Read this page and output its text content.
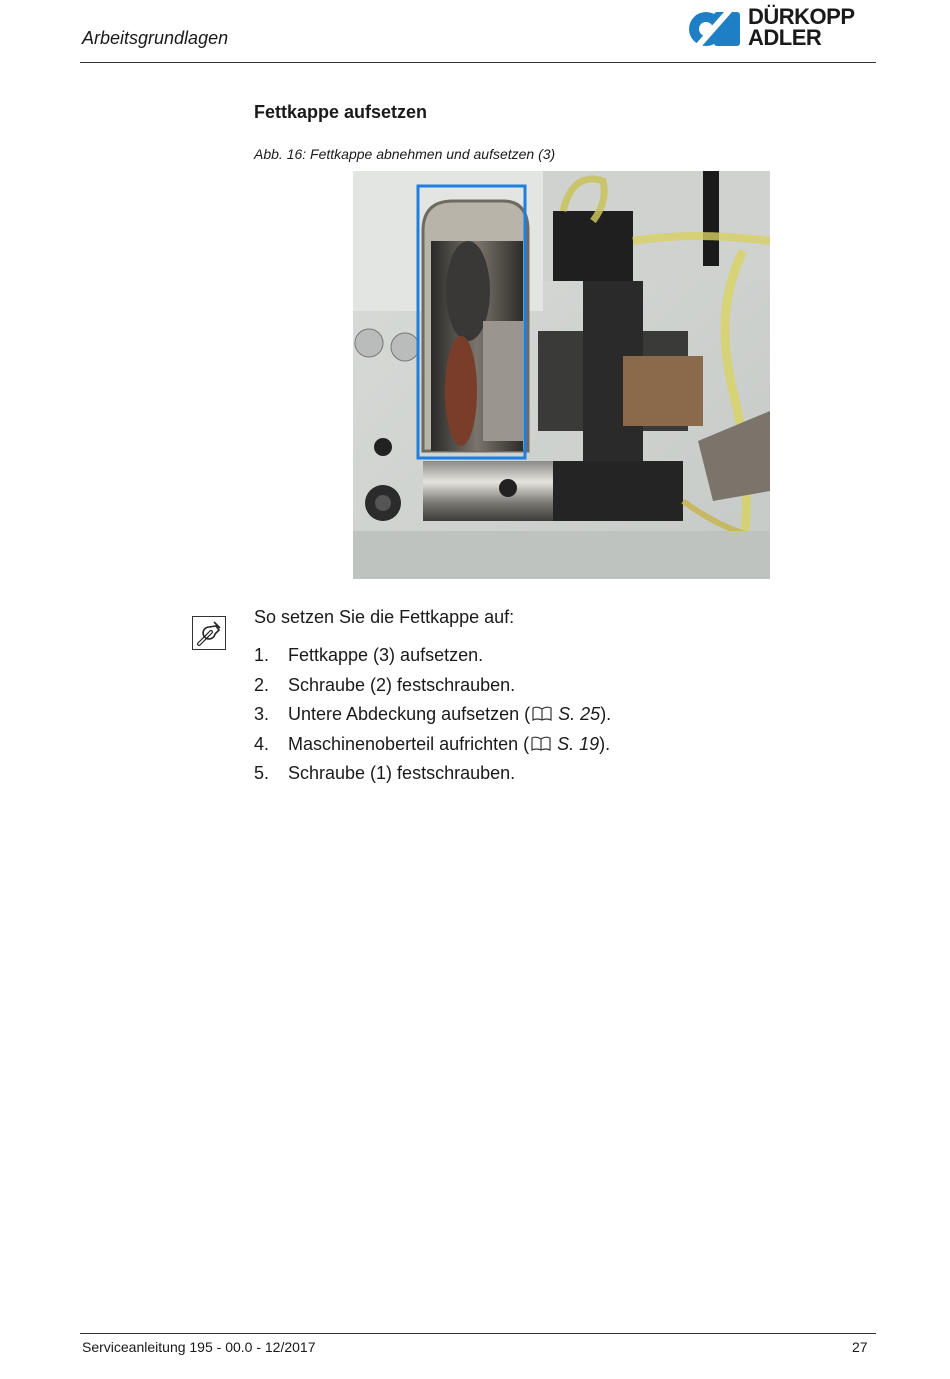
Arbeitsgrundlagen
DÜRKOPP
ADLER
Fettkappe aufsetzen
Abb. 16: Fettkappe abnehmen und aufsetzen (3)
So setzen Sie die Fettkappe auf:
1.	Fettkappe (3) aufsetzen.
2.	Schraube (2) festschrauben.
3.	Untere Abdeckung aufsetzen ( S. 25).
4.	Maschinenoberteil aufrichten ( S. 19).
5.	Schraube (1) festschrauben.
Serviceanleitung 195 - 00.0 - 12/2017	27
